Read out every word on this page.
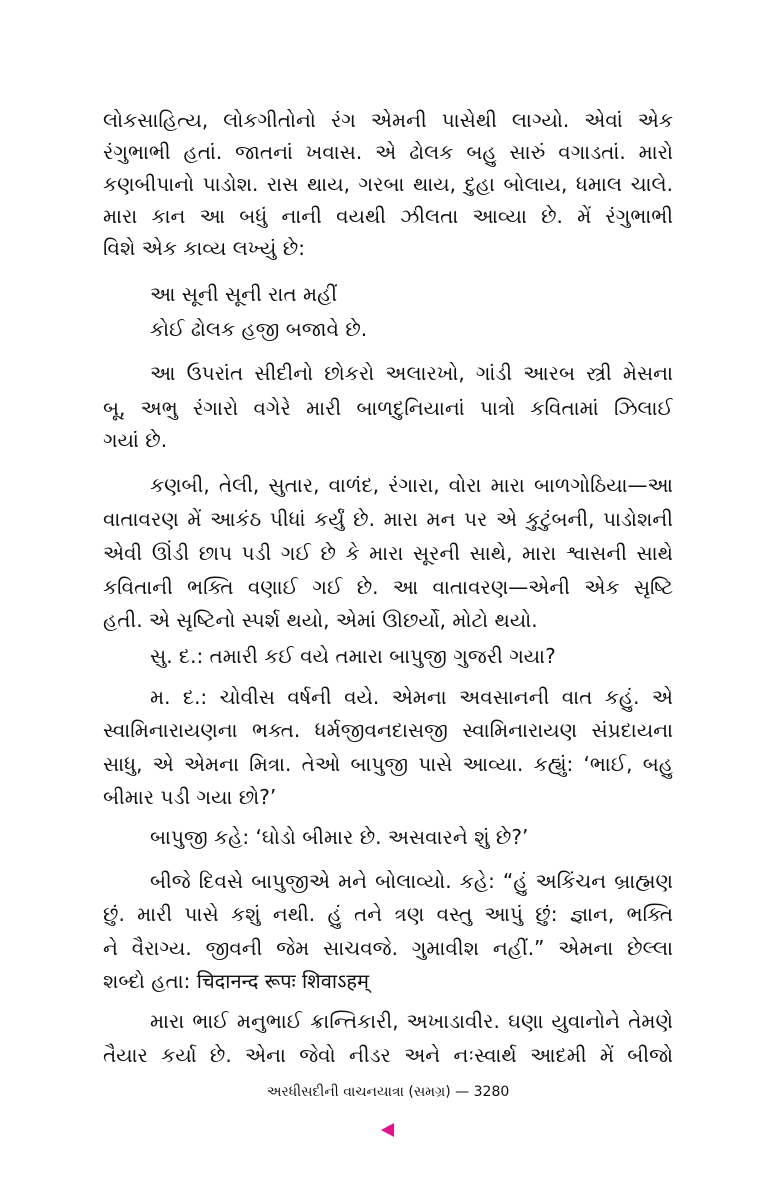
લોકસાહિત્ય, લોકગીતોનો રંગ એમની પાસેથી લાગ્યો. એવાં એક
રંગુભાભી હતાં. જાતનાં ખવાસ. એ ઢોલક બહુ સારું વગાડતાં. મારો
કણબીપાનો પાડોશ. રાસ થાય, ગરબા થાય, દુહા બોલાય, ધમાલ ચાલે.
મારા કાન આ બધું નાની વયથી ઝીલતા આવ્યા છે. મેં રંગુભાભી
વિશે એક કાવ્ય લખ્યું છે:
આ સૂની સૂની રાત મહીં
કોઈ ઢોલક હજી બજાવે છે.
આ ઉપરાંત સીદીનો છોકરો અલારખો, ગાંડી આરબ સ્ત્રી મેસના
બૂ, અભુ રંગારો વગેરે મારી બાળદુનિયાનાં પાત્રો કવિતામાં ઝિલાઈ
ગયાં છે.
કણબી, તેલી, સુતાર, વાળંદ, રંગારા, વોરા મારા બાળગોઠિયા—આ
વાતાવરણ મેં આકંઠ પીધાં કર્યું છે. મારા મન પર એ કુટુંબની, પાડોશની
એવી ઊંડી છાપ પડી ગઈ છે કે મારા સૂરની સાથે, મારા શ્વાસની સાથે
કવિતાની ભક્તિ વણાઈ ગઈ છે. આ વાતાવરણ—એની એક સૃષ્ટિ
હતી. એ સૃષ્ટિનો સ્પર્શ થયો, એમાં ઊછર્યો, મોટો થયો.
સુ. દ.: તમારી કઈ વયે તમારા બાપુજી ગુજરી ગયા?
મ. દ.: ચોવીસ વર્ષની વયે. એમના અવસાનની વાત કહું. એ
સ્વામિનારાયણના ભક્ત. ધર્મજીવનદાસજી સ્વામિનારાયણ સંપ્રદાયના
સાધુ, એ એમના મિત્રા. તેઓ બાપુજી પાસે આવ્યા. કહ્યું: ‘ભાઈ, બહુ
બીમાર પડી ગયા છો?’
બાપુજી કહે: ‘ઘોડો બીમાર છે. અસવારને શું છે?’
બીજે દિવસે બાપુજીએ મને બોલાવ્યો. કહે: “હું અકિંચન બ્રાહ્મણ
છું. મારી પાસે કશું નથી. હું તને ત્રણ વસ્તુ આપું છું: જ્ઞાન, ભક્તિ
ને વૈરાગ્ય. જીવની જેમ સાચવજે. ગુમાવીશ નહીં.” એમના છેલ્લા
શબ્દો હતા: चिदानन्द रूपः शिवाऽहम्
મારા ભાઈ મનુભાઈ ક્રાન્તિકારી, અખાડાવીર. ઘણા યુવાનોને તેમણે
તૈયાર કર્યા છે. એના જેવો નીડર અને નઃસ્વાર્થ આદમી મેં બીજો
અરધીસદીની વાચનયાત્રા (સમગ્ર) — 3280
